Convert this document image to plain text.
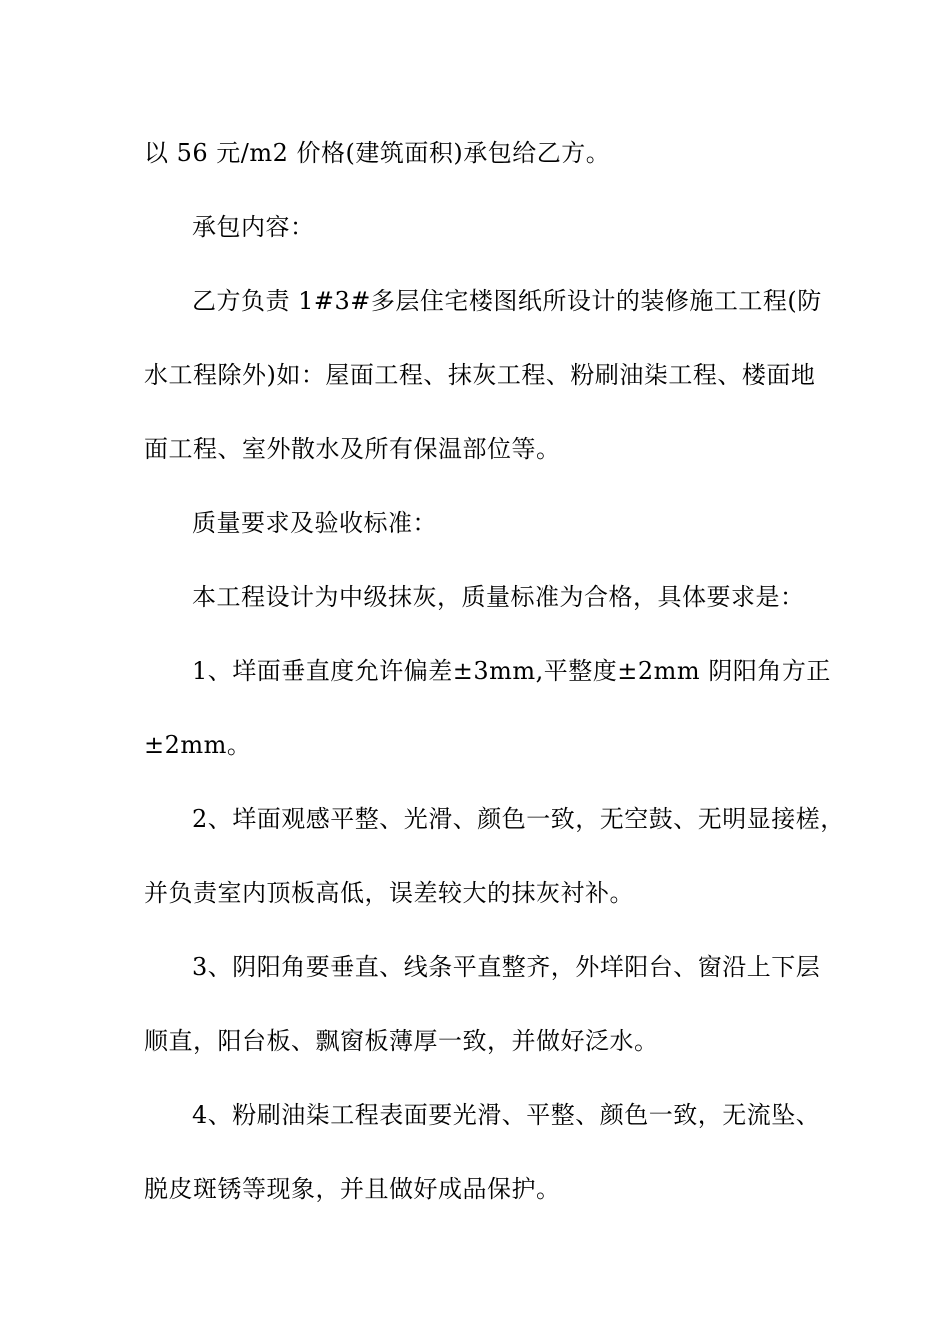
以 56 元/m2 价格(建筑面积)承包给乙方。
承包内容：
乙方负责 1#3#多层住宅楼图纸所设计的装修施工工程(防
水工程除外)如：屋面工程、抹灰工程、粉刷油柒工程、楼面地
面工程、室外散水及所有保温部位等。
质量要求及验收标准：
本工程设计为中级抹灰，质量标准为合格，具体要求是：
1、垟面垂直度允许偏差±3mm,平整度±2mm 阴阳角方正
±2mm。
2、垟面观感平整、光滑、颜色一致，无空鼓、无明显接槎，
并负责室内顶板高低，误差较大的抹灰衬补。
3、阴阳角要垂直、线条平直整齐，外垟阳台、窗沿上下层
顺直，阳台板、飘窗板薄厚一致，并做好泛水。
4、粉刷油柒工程表面要光滑、平整、颜色一致，无流坠、
脱皮斑锈等现象，并且做好成品保护。
